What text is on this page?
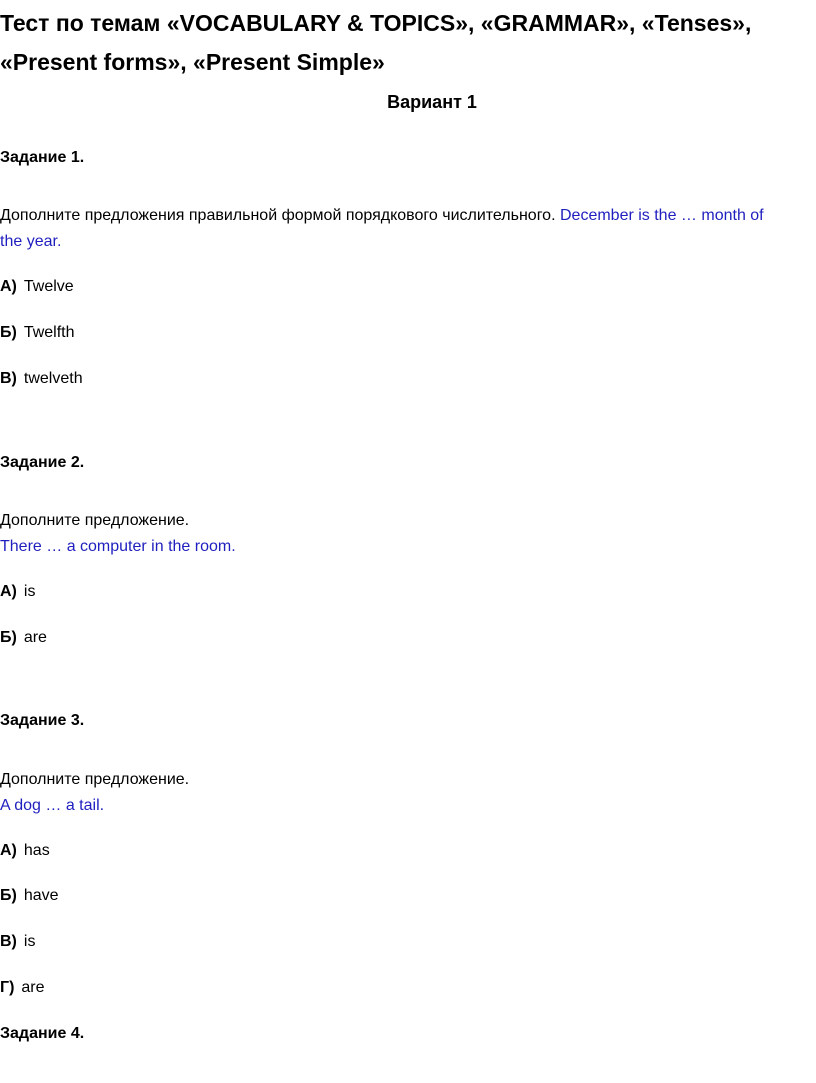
Тест по темам «VOCABULARY & TOPICS», «GRAMMAR», «Tenses», «Present forms», «Present Simple»
Вариант 1
Задание 1.

Дополните предложения правильной формой порядкового числительного. December is the … month of the year.

А) Twelve
Б) Twelfth
В) twelveth
Задание 2.

Дополните предложение.
There … a computer in the room.

А) is
Б) are
Задание 3.

Дополните предложение.
A dog … a tail.

А) has
Б) have
В) is
Г) are
Задание 4.
